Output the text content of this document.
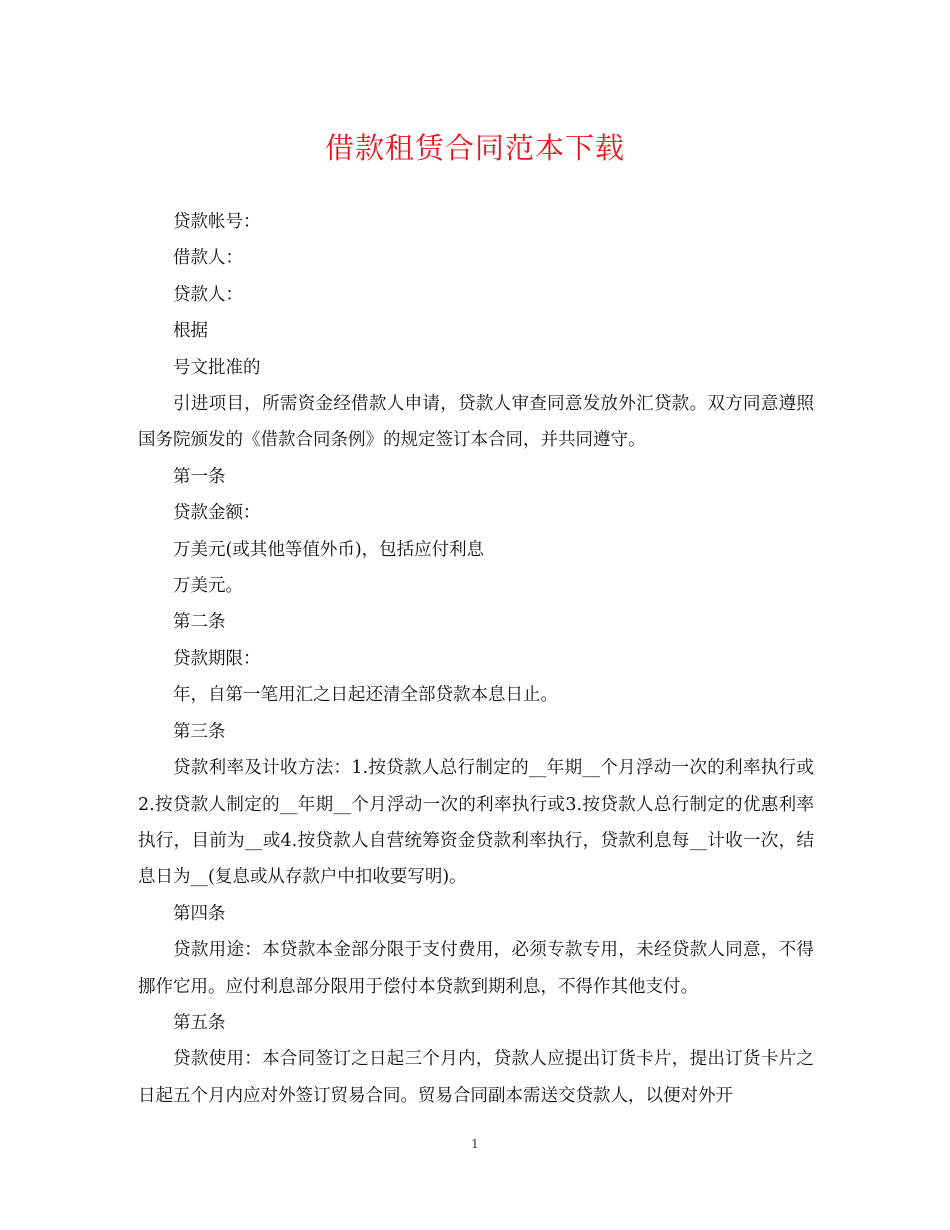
借款租赁合同范本下载

贷款帐号：

借款人：

贷款人：

根据

号文批准的

引进项目，所需资金经借款人申请，贷款人审查同意发放外汇贷款。双方同意遵照国务院颁发的《借款合同条例》的规定签订本合同，并共同遵守。

第一条

贷款金额：

万美元(或其他等值外币)，包括应付利息

万美元。

第二条

贷款期限：

年，自第一笔用汇之日起还清全部贷款本息日止。

第三条

贷款利率及计收方法：1.按贷款人总行制定的__年期__个月浮动一次的利率执行或2.按贷款人制定的__年期__个月浮动一次的利率执行或3.按贷款人总行制定的优惠利率执行，目前为__或4.按贷款人自营统筹资金贷款利率执行，贷款利息每__计收一次，结息日为__(复息或从存款户中扣收要写明)。

第四条

贷款用途：本贷款本金部分限于支付费用，必须专款专用，未经贷款人同意，不得挪作它用。应付利息部分限用于偿付本贷款到期利息，不得作其他支付。

第五条

贷款使用：本合同签订之日起三个月内，贷款人应提出订货卡片，提出订货卡片之日起五个月内应对外签订贸易合同。贸易合同副本需送交贷款人，以便对外开

1
